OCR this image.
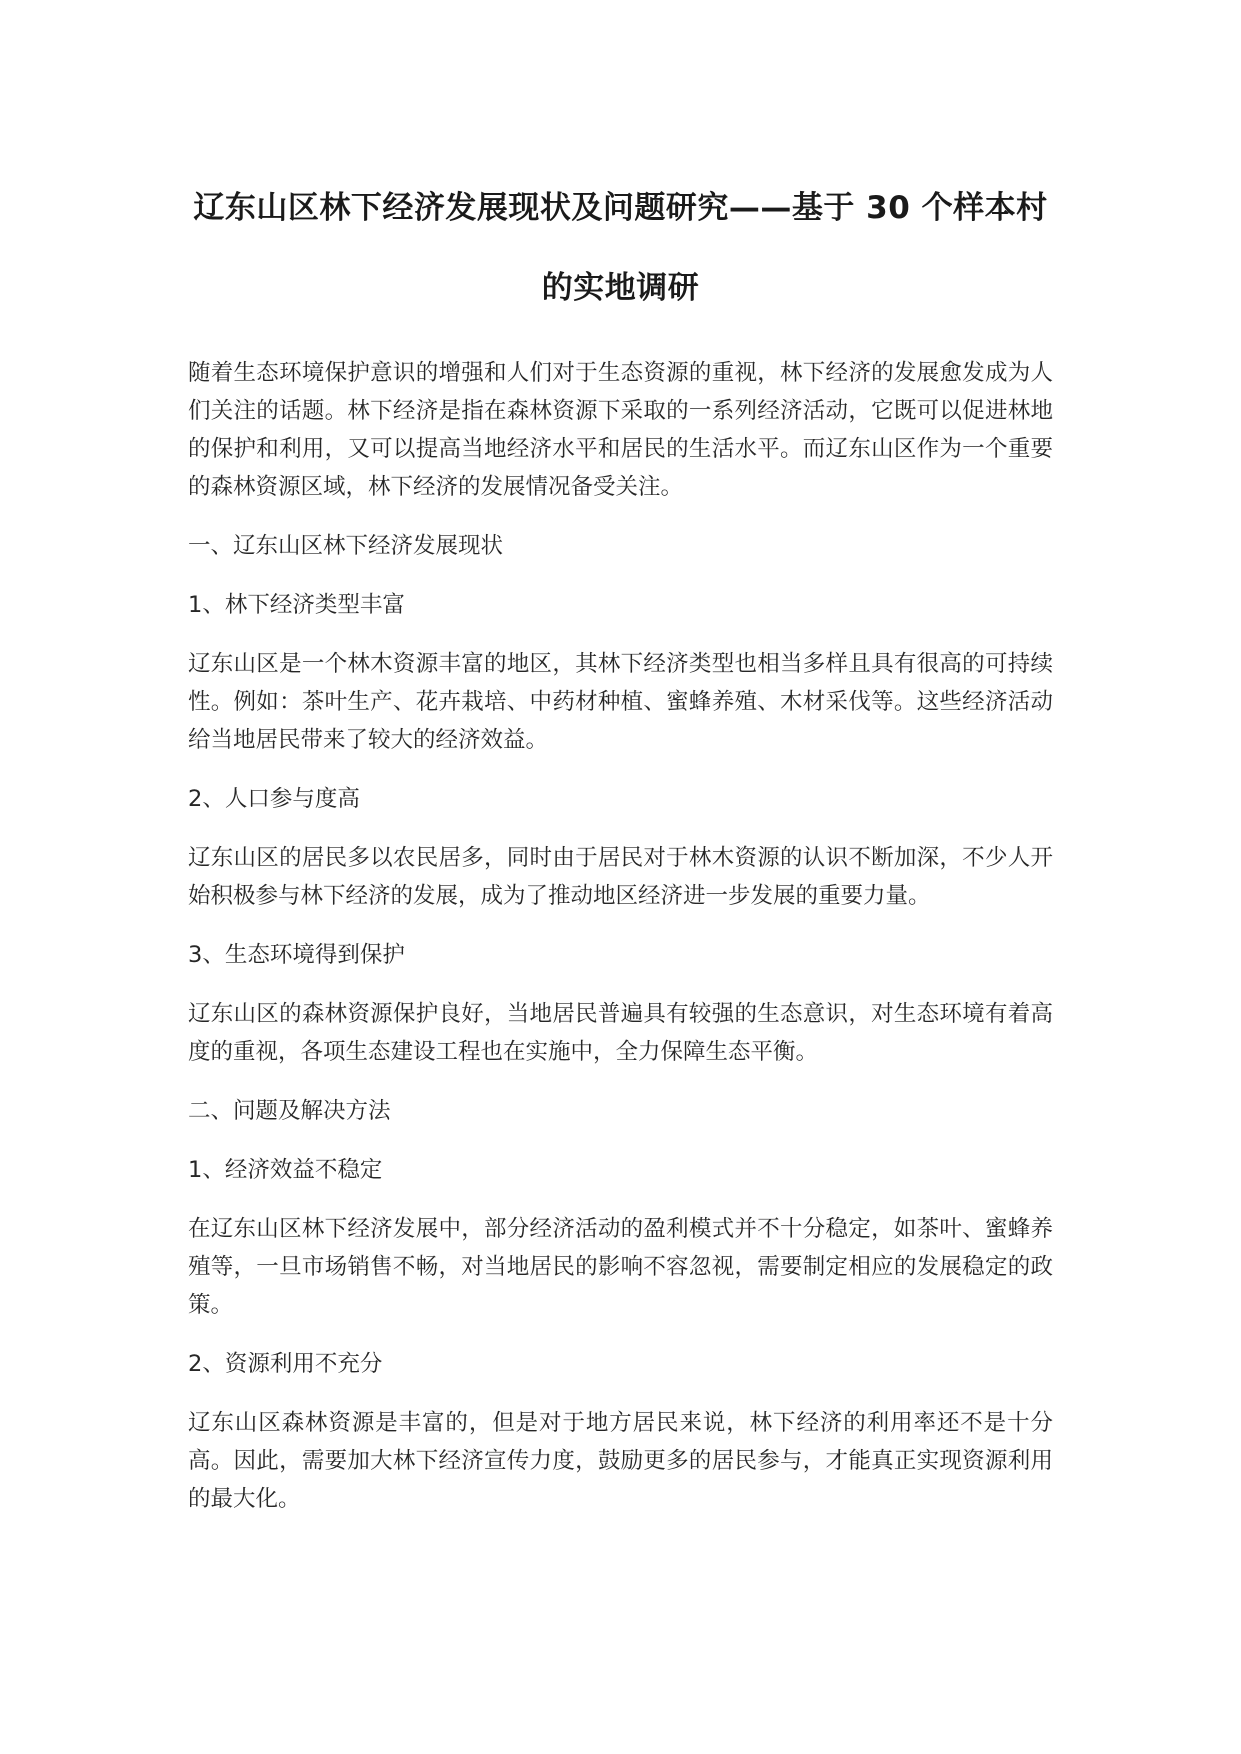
辽东山区林下经济发展现状及问题研究——基于 30 个样本村的实地调研

随着生态环境保护意识的增强和人们对于生态资源的重视，林下经济的发展愈发成为人们关注的话题。林下经济是指在森林资源下采取的一系列经济活动，它既可以促进林地的保护和利用，又可以提高当地经济水平和居民的生活水平。而辽东山区作为一个重要的森林资源区域，林下经济的发展情况备受关注。

一、辽东山区林下经济发展现状

1、林下经济类型丰富

辽东山区是一个林木资源丰富的地区，其林下经济类型也相当多样且具有很高的可持续性。例如：茶叶生产、花卉栽培、中药材种植、蜜蜂养殖、木材采伐等。这些经济活动给当地居民带来了较大的经济效益。

2、人口参与度高

辽东山区的居民多以农民居多，同时由于居民对于林木资源的认识不断加深，不少人开始积极参与林下经济的发展，成为了推动地区经济进一步发展的重要力量。

3、生态环境得到保护

辽东山区的森林资源保护良好，当地居民普遍具有较强的生态意识，对生态环境有着高度的重视，各项生态建设工程也在实施中，全力保障生态平衡。

二、问题及解决方法

1、经济效益不稳定

在辽东山区林下经济发展中，部分经济活动的盈利模式并不十分稳定，如茶叶、蜜蜂养殖等，一旦市场销售不畅，对当地居民的影响不容忽视，需要制定相应的发展稳定的政策。

2、资源利用不充分

辽东山区森林资源是丰富的，但是对于地方居民来说，林下经济的利用率还不是十分高。因此，需要加大林下经济宣传力度，鼓励更多的居民参与，才能真正实现资源利用的最大化。
